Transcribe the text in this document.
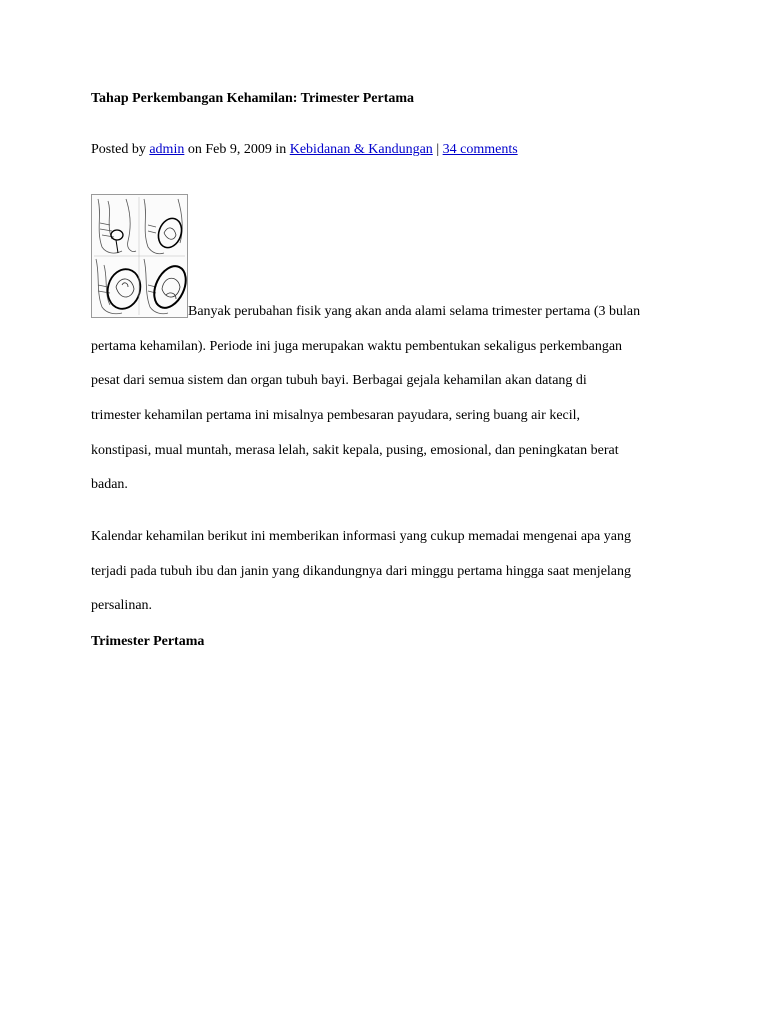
Tahap Perkembangan Kehamilan: Trimester Pertama
Posted by admin on Feb 9, 2009 in Kebidanan & Kandungan | 34 comments
Banyak perubahan fisik yang akan anda alami selama trimester pertama (3 bulan
pertama kehamilan). Periode ini juga merupakan waktu pembentukan sekaligus perkembangan
pesat dari semua sistem dan organ tubuh bayi. Berbagai gejala kehamilan akan datang di
trimester kehamilan pertama ini misalnya pembesaran payudara, sering buang air kecil,
konstipasi, mual muntah, merasa lelah, sakit kepala, pusing, emosional, dan peningkatan berat
badan.
Kalendar kehamilan berikut ini memberikan informasi yang cukup memadai mengenai apa yang
terjadi pada tubuh ibu dan janin yang dikandungnya dari minggu pertama hingga saat menjelang
persalinan.
Trimester Pertama
